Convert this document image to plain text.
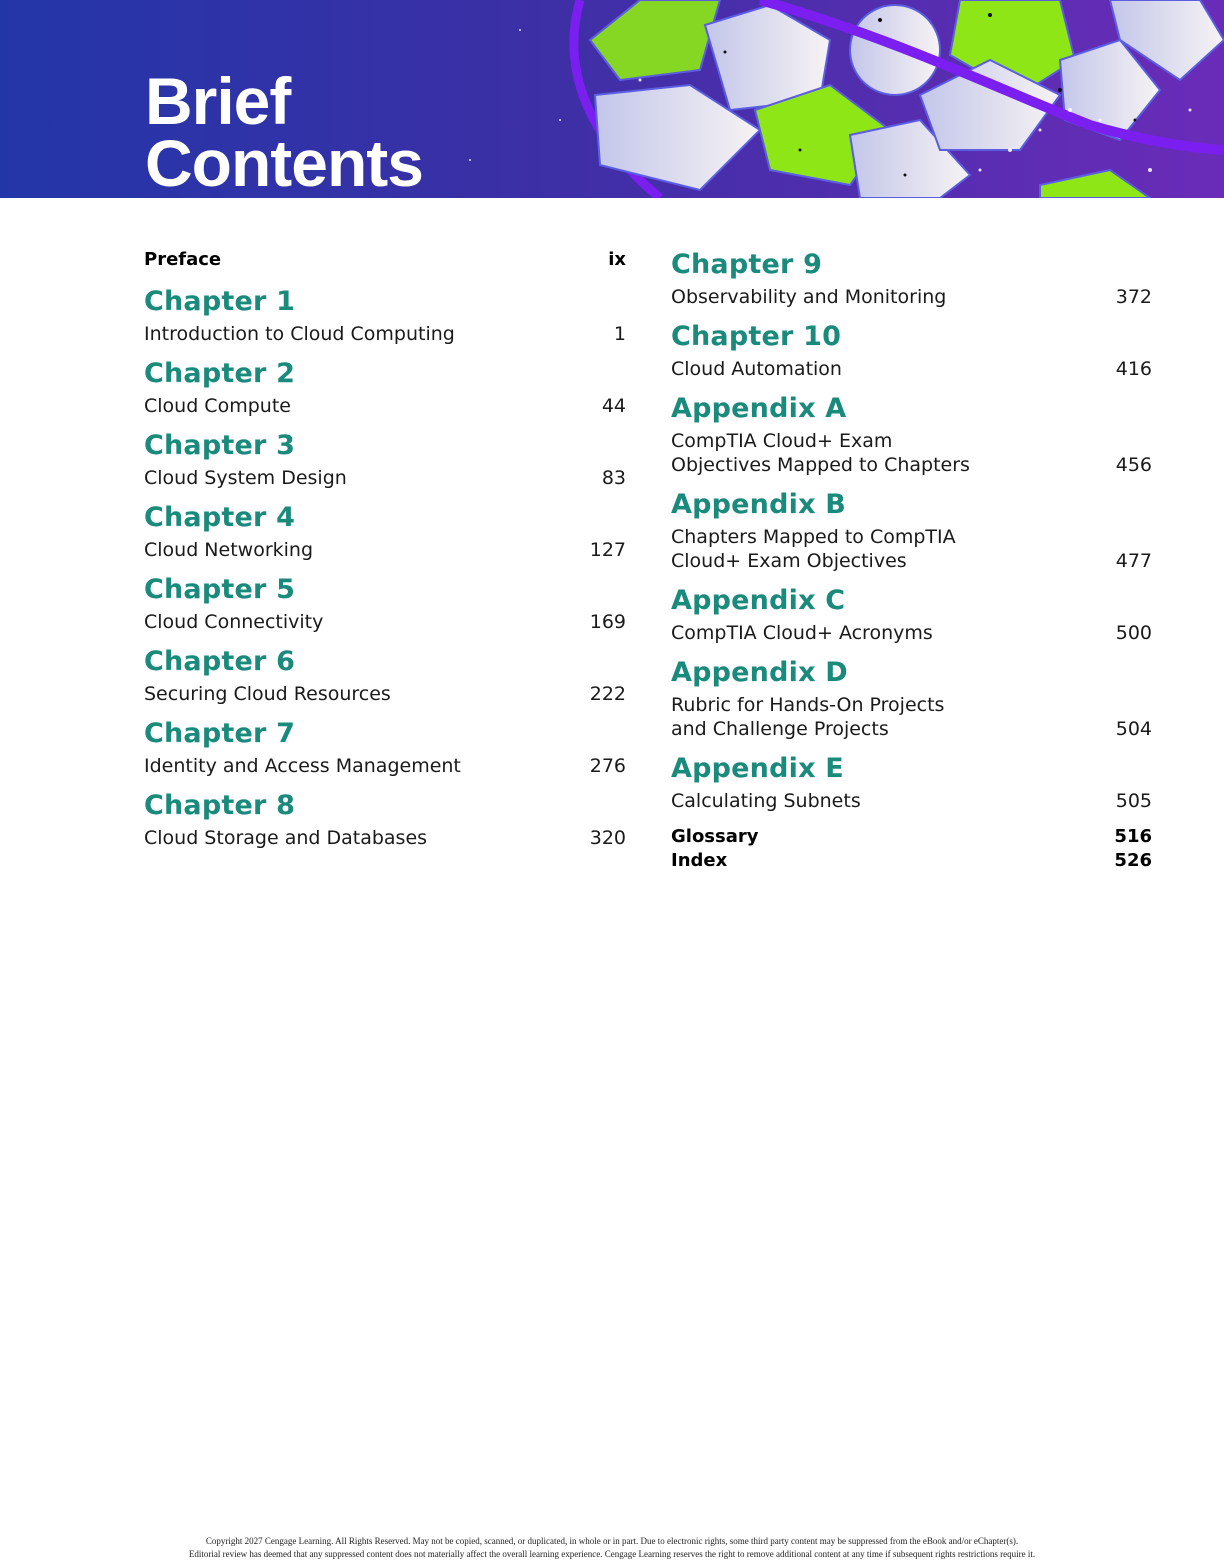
Brief
Contents
Preface	ix
Chapter 1
Introduction to Cloud Computing	1
Chapter 2
Cloud Compute	44
Chapter 3
Cloud System Design	83
Chapter 4
Cloud Networking	127
Chapter 5
Cloud Connectivity	169
Chapter 6
Securing Cloud Resources	222
Chapter 7
Identity and Access Management	276
Chapter 8
Cloud Storage and Databases	320
Chapter 9
Observability and Monitoring	372
Chapter 10
Cloud Automation	416
Appendix A
CompTIA Cloud+ Exam
Objectives Mapped to Chapters	456
Appendix B
Chapters Mapped to CompTIA
Cloud+ Exam Objectives	477
Appendix C
CompTIA Cloud+ Acronyms	500
Appendix D
Rubric for Hands-On Projects
and Challenge Projects	504
Appendix E
Calculating Subnets	505
Glossary	516
Index	526
Copyright 2027 Cengage Learning. All Rights Reserved. May not be copied, scanned, or duplicated, in whole or in part. Due to electronic rights, some third party content may be suppressed from the eBook and/or eChapter(s).
Editorial review has deemed that any suppressed content does not materially affect the overall learning experience. Cengage Learning reserves the right to remove additional content at any time if subsequent rights restrictions require it.
